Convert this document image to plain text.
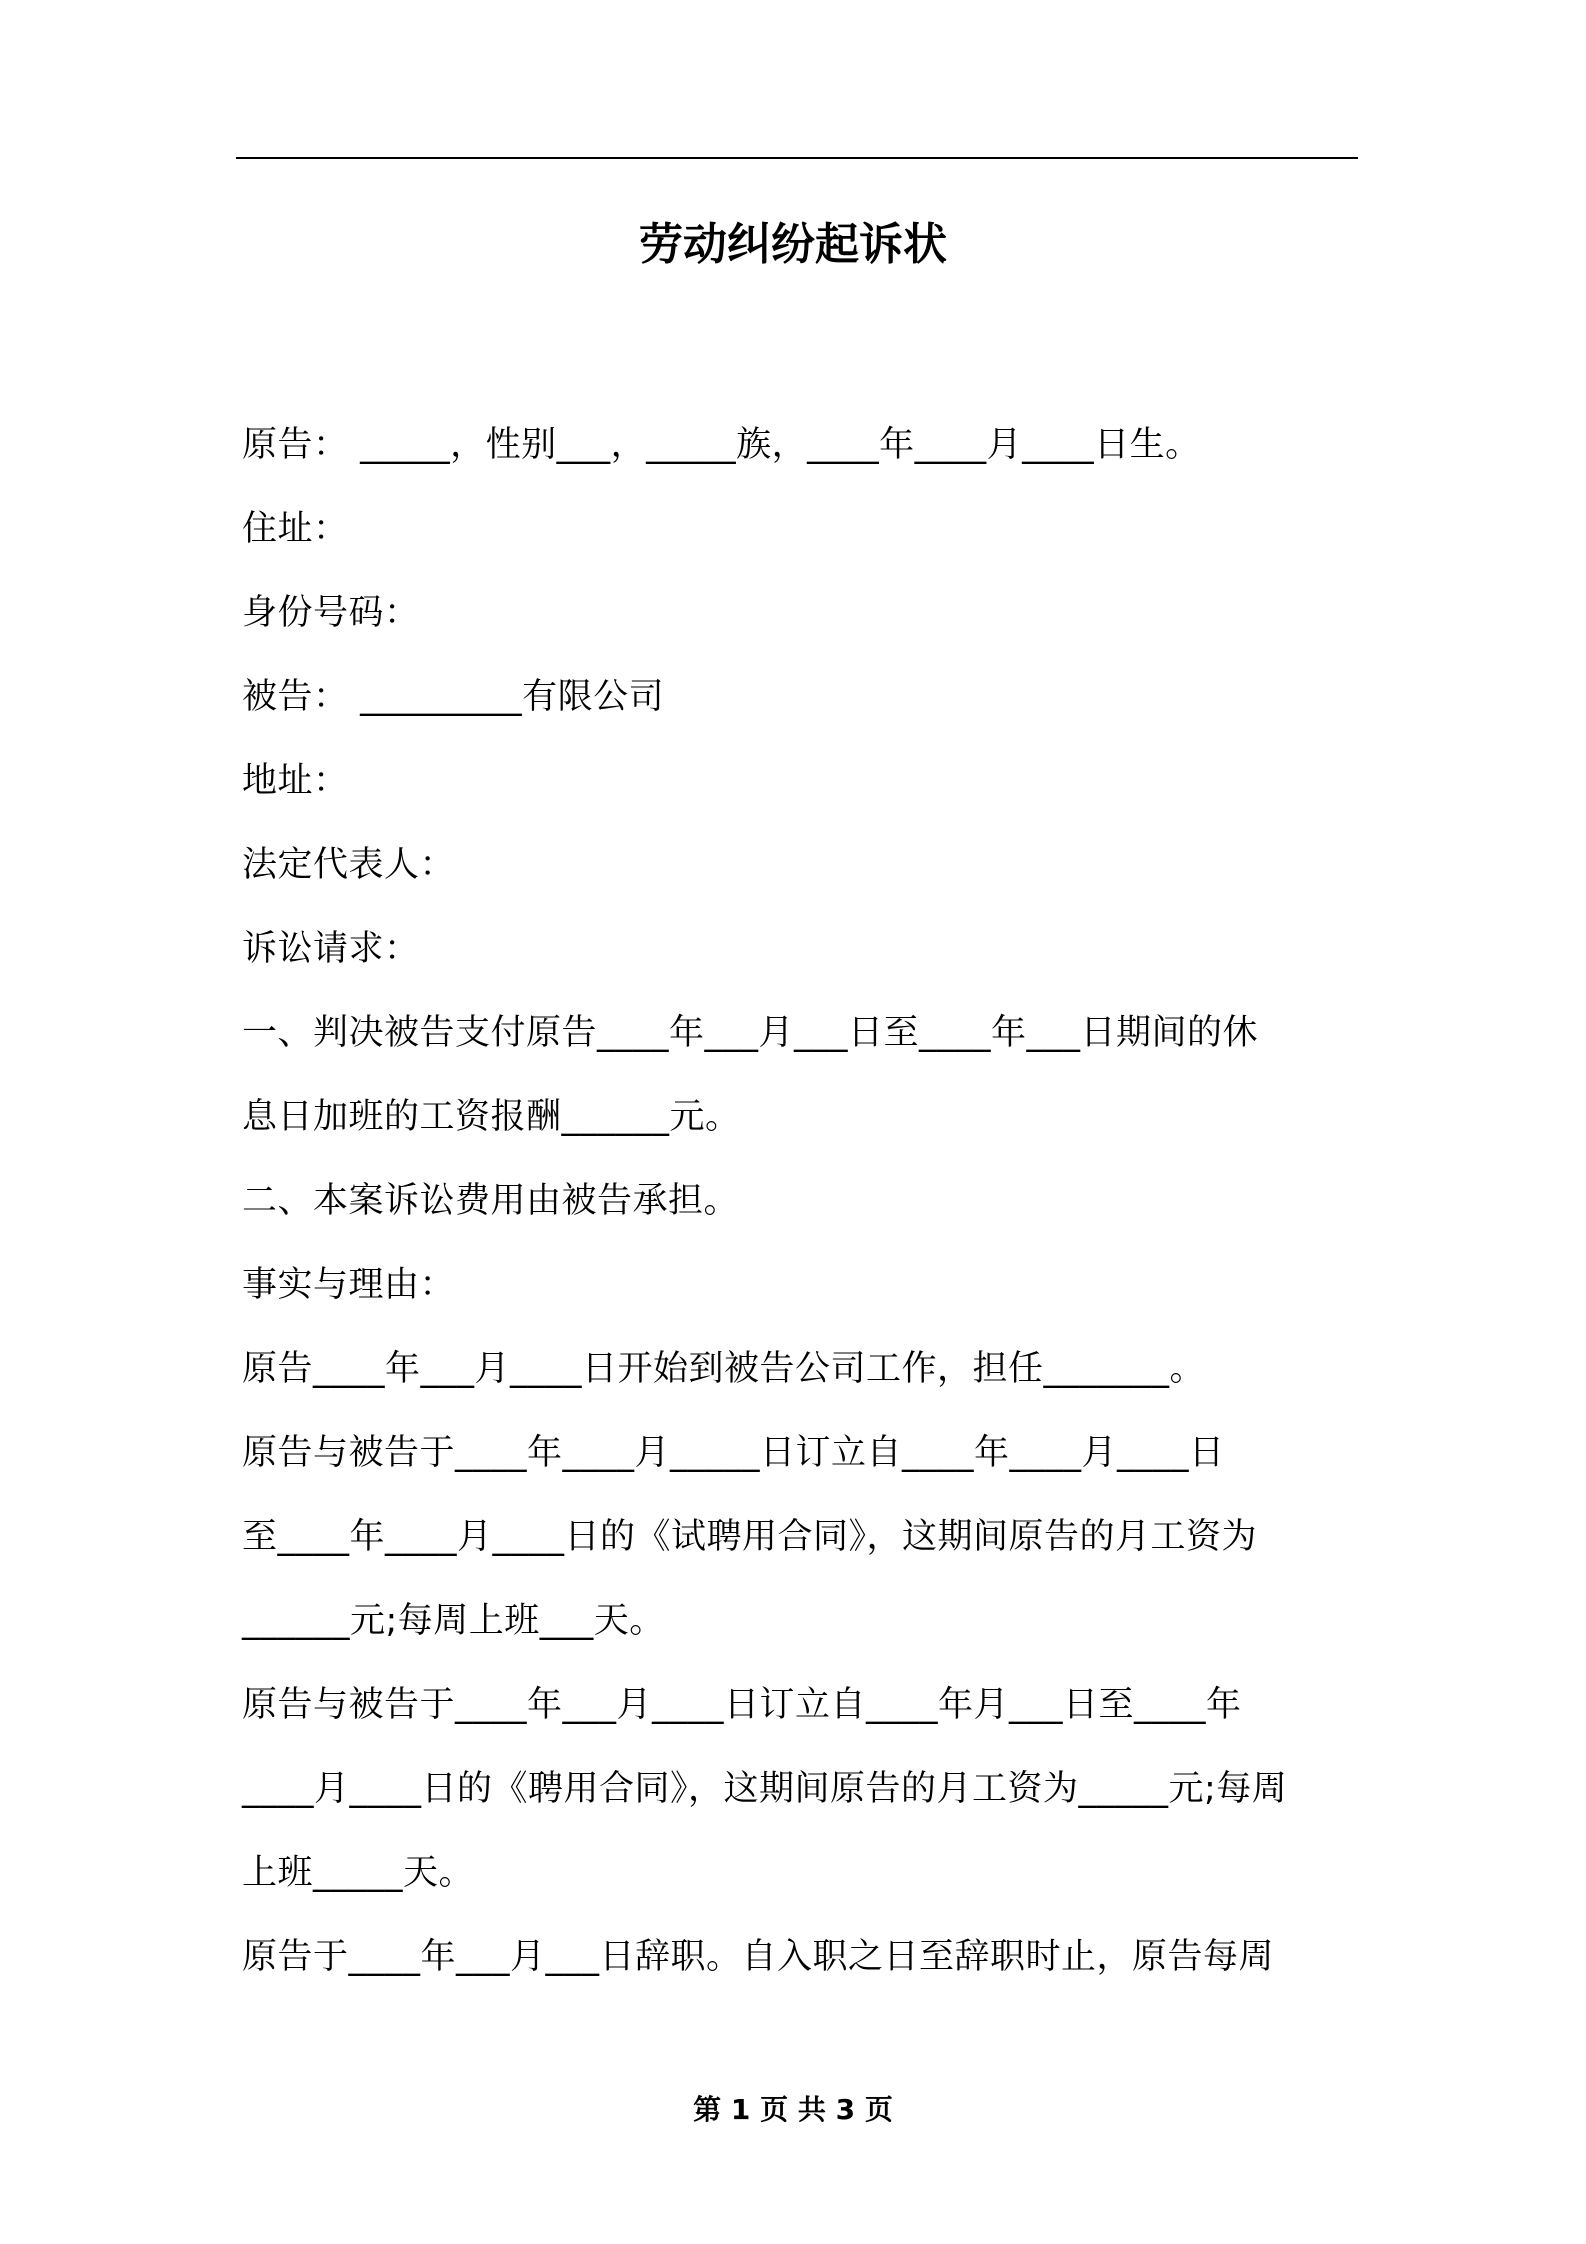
劳动纠纷起诉状
原告： _____，性别___，_____族，____年____月____日生。
住址：
身份号码：
被告： _________有限公司
地址：
法定代表人：
诉讼请求：
一、判决被告支付原告____年___月___日至____年___日期间的休
息日加班的工资报酬______元。
二、本案诉讼费用由被告承担。
事实与理由：
原告____年___月____日开始到被告公司工作，担任_______。
原告与被告于____年____月_____日订立自____年____月____日
至____年____月____日的《试聘用合同》，这期间原告的月工资为
______元;每周上班___天。
原告与被告于____年___月____日订立自____年月___日至____年
____月____日的《聘用合同》，这期间原告的月工资为_____元;每周
上班_____天。
原告于____年___月___日辞职。自入职之日至辞职时止，原告每周
第 1 页 共 3 页
